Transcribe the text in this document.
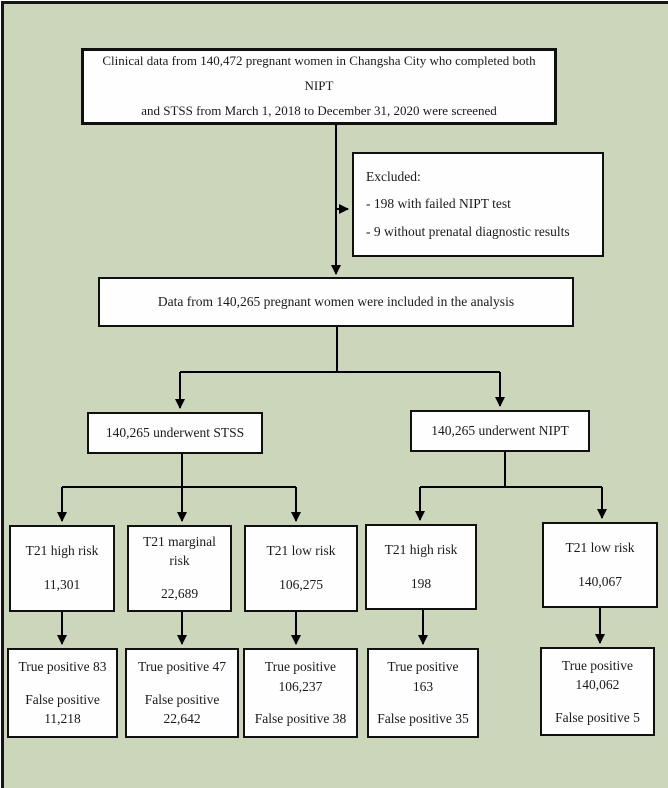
Clinical data from 140,472 pregnant women in Changsha City who completed both NIPT
and STSS from March 1, 2018 to December 31, 2020 were screened
Excluded:
- 198 with failed NIPT test
- 9 without prenatal diagnostic results
Data from 140,265 pregnant women were included in the analysis
140,265 underwent STSS	140,265 underwent NIPT
T21 high risk
11,301
T21 marginal
risk
22,689
T21 low risk
106,275
T21 high risk
198
T21 low risk
140,067
True positive 83
False positive
11,218
True positive 47
False positive
22,642
True positive
106,237
False positive 38
True positive
163
False positive 35
True positive
140,062
False positive 5
